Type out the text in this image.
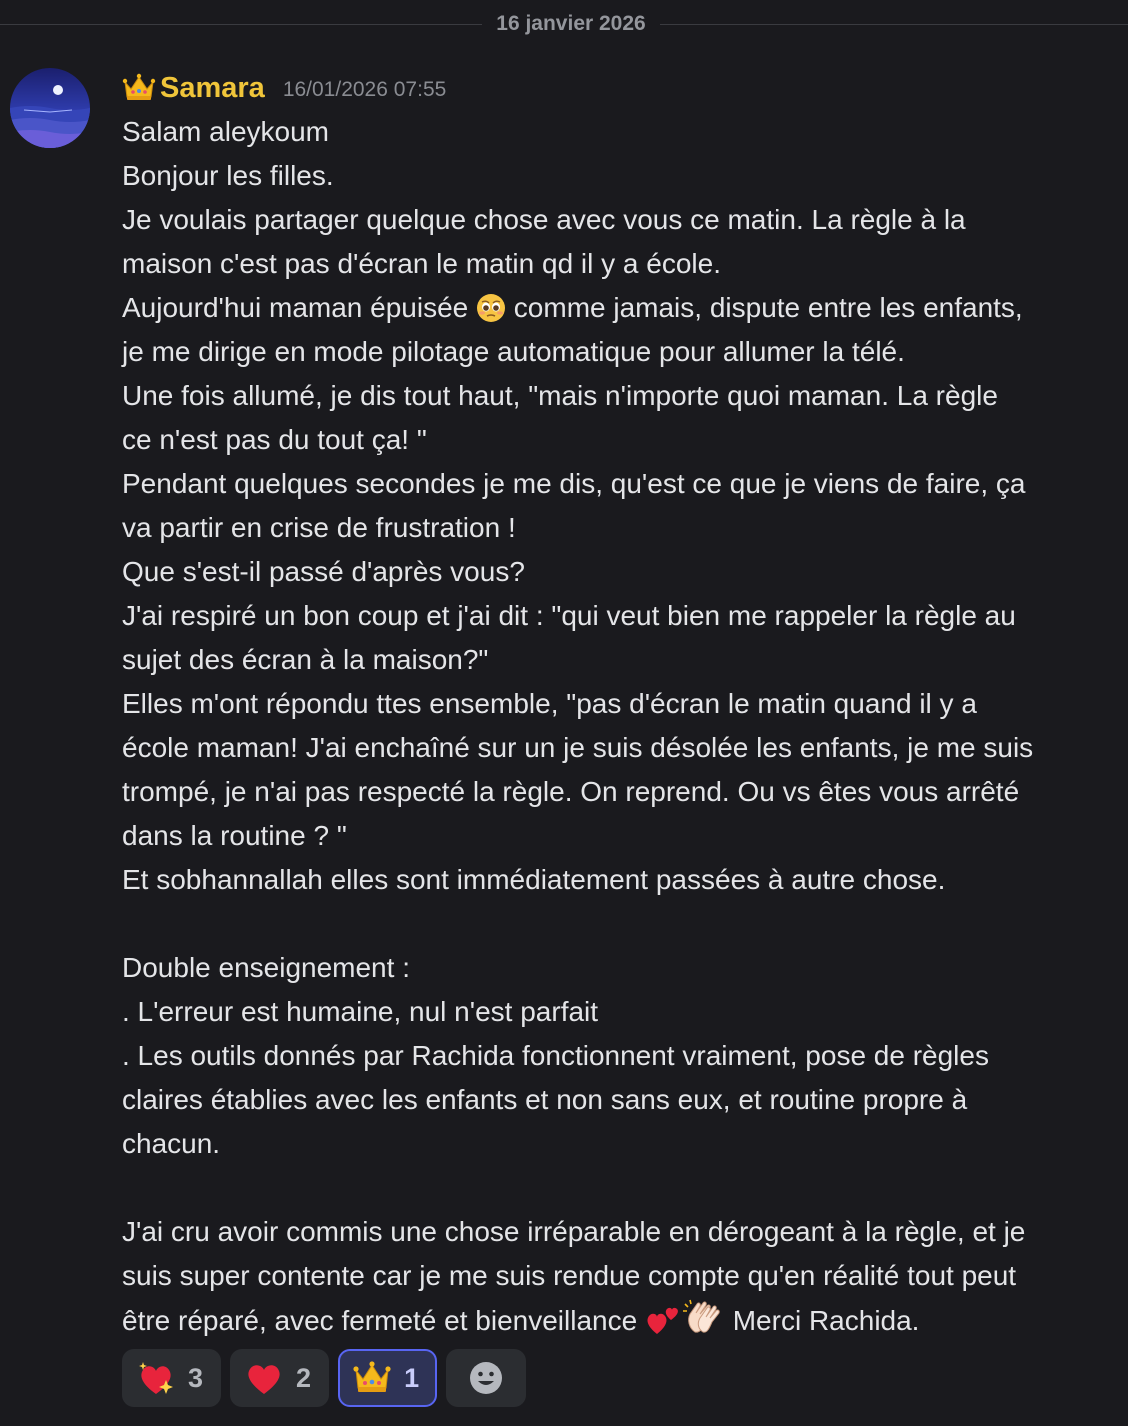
16 janvier 2026
Samara 16/01/2026 07:55
Salam aleykoum
Bonjour les filles.
Je voulais partager quelque chose avec vous ce matin. La règle à la
maison c'est pas d'écran le matin qd il y a école.
Aujourd'hui maman épuisée  comme jamais, dispute entre les enfants,
je me dirige en mode pilotage automatique pour allumer la télé.
Une fois allumé, je dis tout haut, "mais n'importe quoi maman. La règle
ce n'est pas du tout ça! "
Pendant quelques secondes je me dis, qu'est ce que je viens de faire, ça
va partir en crise de frustration !
Que s'est-il passé d'après vous?
J'ai respiré un bon coup et j'ai dit : "qui veut bien me rappeler la règle au
sujet des écran à la maison?"
Elles m'ont répondu ttes ensemble, "pas d'écran le matin quand il y a
école maman! J'ai enchaîné sur un je suis désolée les enfants, je me suis
trompé, je n'ai pas respecté la règle. On reprend. Ou vs êtes vous arrêté
dans la routine ? "
Et sobhannallah elles sont immédiatement passées à autre chose.
Double enseignement :
. L'erreur est humaine, nul n'est parfait
. Les outils donnés par Rachida fonctionnent vraiment, pose de règles
claires établies avec les enfants et non sans eux, et routine propre à
chacun.
J'ai cru avoir commis une chose irréparable en dérogeant à la règle, et je
suis super contente car je me suis rendue compte qu'en réalité tout peut
être réparé, avec fermeté et bienveillance	Merci Rachida.
3	2	1
